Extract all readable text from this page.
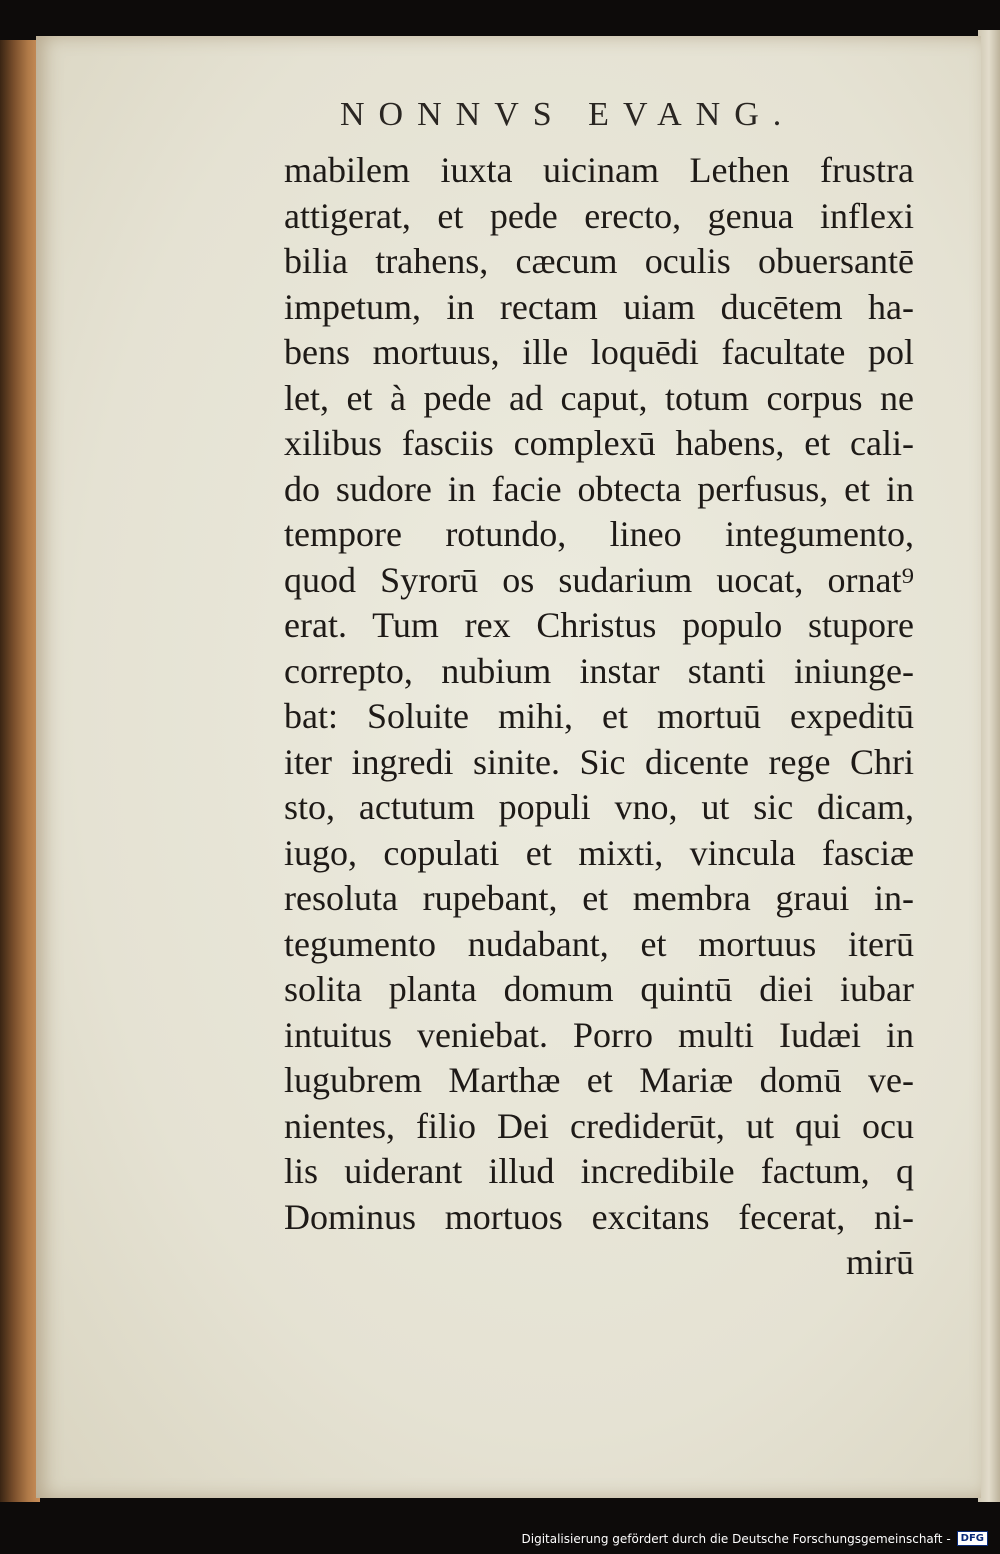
NONNVS EVANG.
mabilem iuxta uicinam Lethen frustra
attigerat, et pede erecto, genua inflexi
bilia trahens, cæcum oculis obuersantē
impetum, in rectam uiam ducētem ha-
bens mortuus, ille loquēdi facultate pol
let, et à pede ad caput, totum corpus ne
xilibus fasciis complexū habens, et cali-
do sudore in facie obtecta perfusus, et in
tempore rotundo, lineo integumento,
quod Syrorū os sudarium uocat, ornat⁹
erat. Tum rex Christus populo stupore
correpto, nubium instar stanti iniunge-
bat: Soluite mihi, et mortuū expeditū
iter ingredi sinite. Sic dicente rege Chri
sto, actutum populi vno, ut sic dicam,
iugo, copulati et mixti, vincula fasciæ
resoluta rupebant, et membra graui in-
tegumento nudabant, et mortuus iterū
solita planta domum quintū diei iubar
intuitus veniebat. Porro multi Iudæi in
lugubrem Marthæ et Mariæ domū ve-
nientes, filio Dei crediderūt, ut qui ocu
lis uiderant illud incredibile factum, q
Dominus mortuos excitans fecerat, ni-
mirū
Digitalisierung gefördert durch die Deutsche Forschungsgemeinschaft -	DFG
